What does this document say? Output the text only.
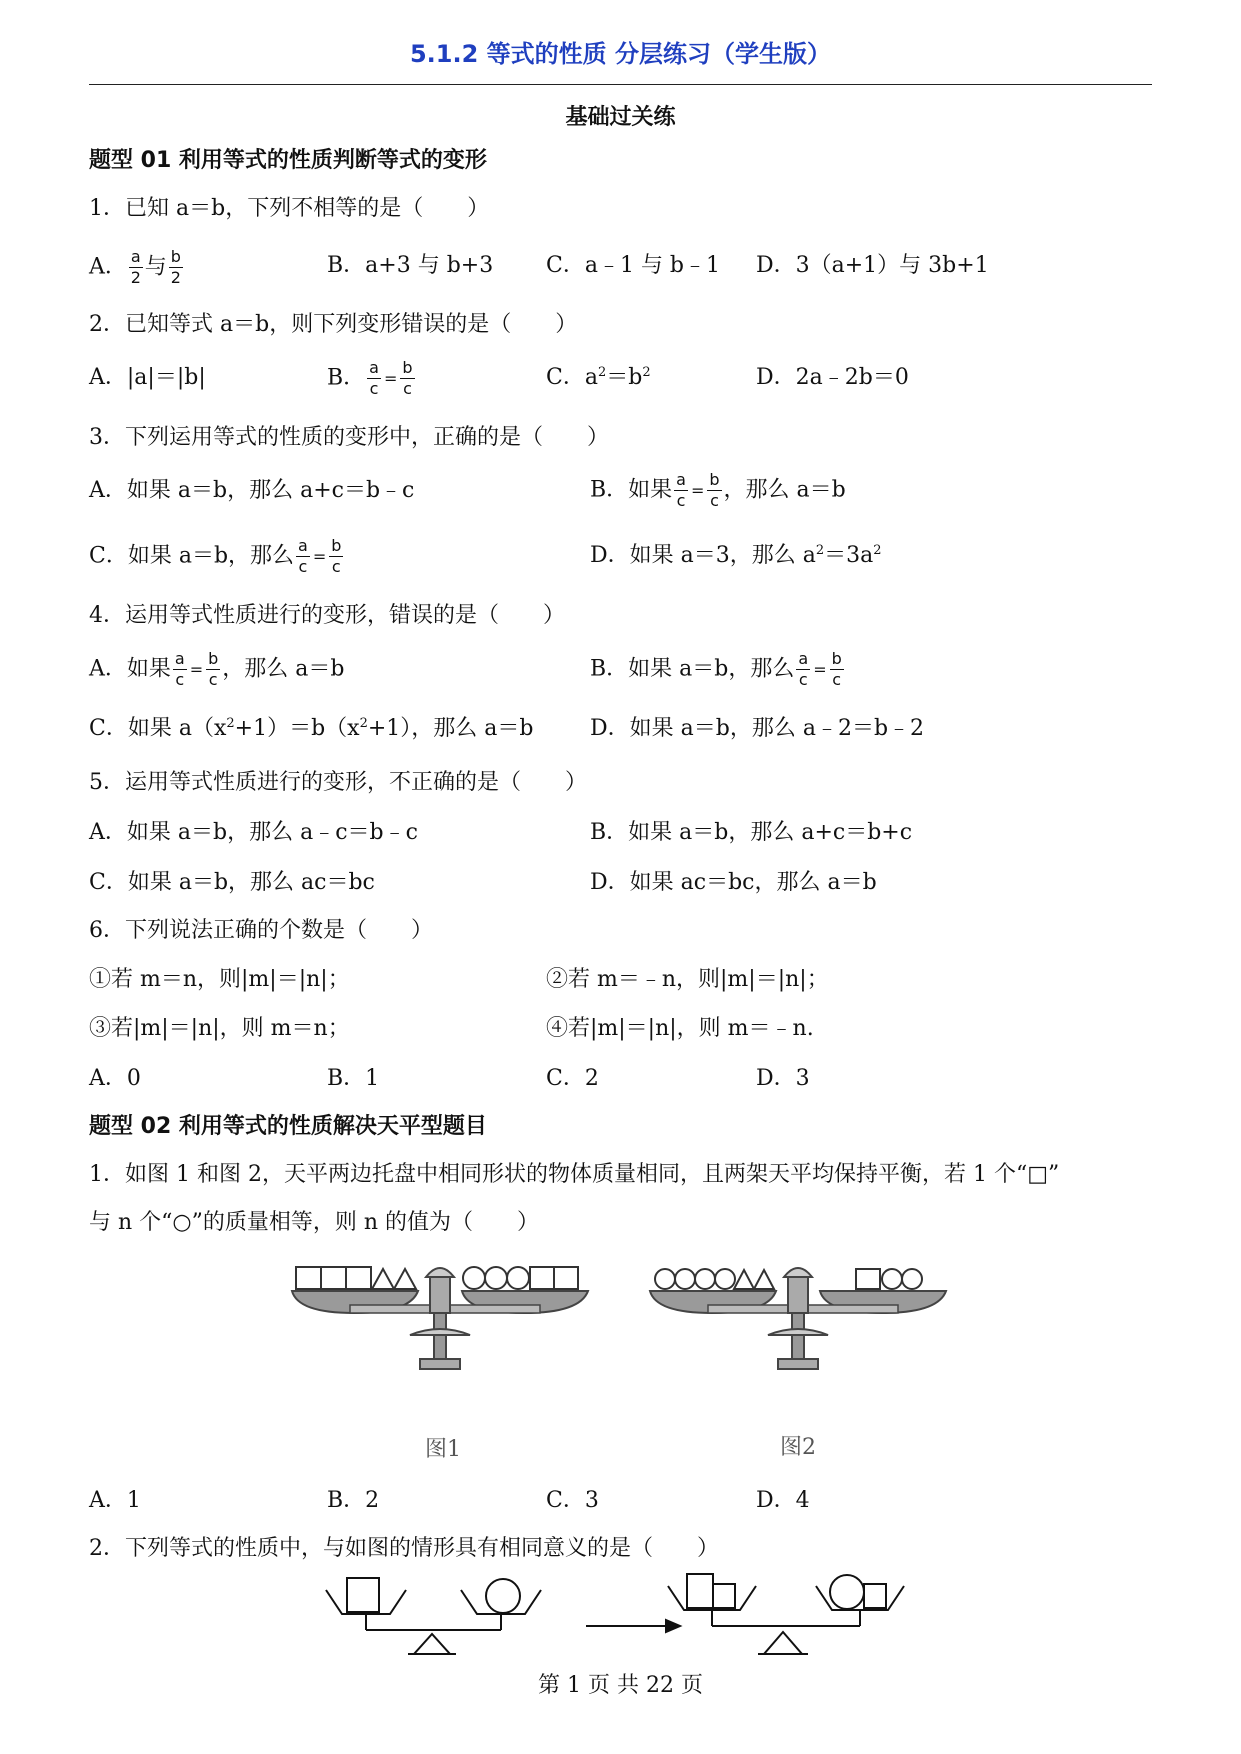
5.1.2 等式的性质 分层练习（学生版）
基础过关练
题型 01 利用等式的性质判断等式的变形
1．已知 a＝b，下列不相等的是（　　）
A． $\frac{a}{2}$ 与 $\frac{b}{2}$	B．a+3 与 b+3 C．a﹣1 与 b﹣1 D．3（a+1）与 3b+1
2．已知等式 a＝b，则下列变形错误的是（　　）
A．|a|＝|b|	B． $\frac{a}{c} = \frac{b}{c}$	C．$a^2=b^2$	D．2a﹣2b＝0
3．下列运用等式的性质的变形中，正确的是（　　）
A．如果 a＝b，那么 a+c＝b﹣c	B．如果 $\frac{a}{c} = \frac{b}{c}$ ，那么 a＝b
C．如果 a＝b，那么 $\frac{a}{c} = \frac{b}{c}$	D．如果 a＝3，那么 $a^2=3a^2$
4．运用等式性质进行的变形，错误的是（　　）
A．如果 $\frac{a}{c} = \frac{b}{c}$ ，那么 a＝b	B．如果 a＝b，那么 $\frac{a}{c} = \frac{b}{c}$
C．如果 $a(x^2+1)=b(x^2+1)$，那么 a＝b	D．如果 a＝b，那么 a﹣2＝b﹣2
5．运用等式性质进行的变形，不正确的是（　　）
A．如果 a＝b，那么 a﹣c＝b﹣c	B．如果 a＝b，那么 a+c＝b+c
C．如果 a＝b，那么 ac＝bc	D．如果 ac＝bc，那么 a＝b
6．下列说法正确的个数是（　　）
①若 m＝n，则|m|＝|n|；	②若 m＝﹣n，则|m|＝|n|；
③若|m|＝|n|，则 m＝n；	④若|m|＝|n|，则 m＝﹣n.
A．0	B．1	C．2	D．3
题型 02 利用等式的性质解决天平型题目
1．如图 1 和图 2，天平两边托盘中相同形状的物体质量相同，且两架天平均保持平衡，若 1 个“□”
与 n 个“○”的质量相等，则 n 的值为（　　）
图1	图2
A．1	B．2	C．3	D．4
2．下列等式的性质中，与如图的情形具有相同意义的是（　　）
第 1 页 共 22 页
